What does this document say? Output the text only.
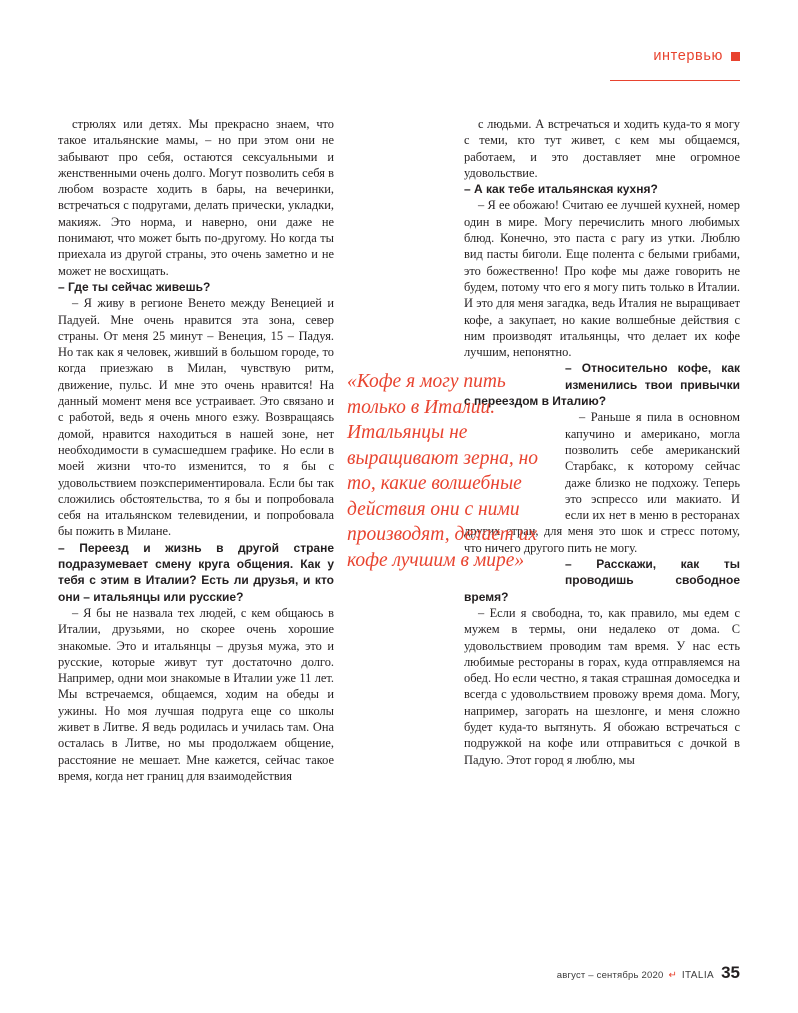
интервью

стрюлях или детях. Мы прекрасно знаем, что такое итальянские мамы, – но при этом они не забывают про себя, остаются сексуальными и женственными очень долго. Могут позволить себя в любом возрасте ходить в бары, на вечеринки, встречаться с подругами, делать прически, укладки, макияж. Это норма, и наверно, они даже не понимают, что может быть по-другому. Но когда ты приехала из другой страны, это очень заметно и не может не восхищать.

– Где ты сейчас живешь?

– Я живу в регионе Венето между Венецией и Падуей. Мне очень нравится эта зона, север страны. От меня 25 минут – Венеция, 15 – Падуя. Но так как я человек, живший в большом городе, то когда приезжаю в Милан, чувствую ритм, движение, пульс. И мне это очень нравится! На данный момент меня все устраивает. Это связано и с работой, ведь я очень много езжу. Возвращаясь домой, нравится находиться в нашей зоне, нет необходимости в сумасшедшем графике. Но если в моей жизни что-то изменится, то я бы с удовольствием поэкспериментировала. Если бы так сложились обстоятельства, то я бы и попробовала себя на итальянском телевидении, и попробовала бы пожить в Милане.

– Переезд и жизнь в другой стране подразумевает смену круга общения. Как у тебя с этим в Италии? Есть ли друзья, и кто они – итальянцы или русские?

– Я бы не назвала тех людей, с кем общаюсь в Италии, друзьями, но скорее очень хорошие знакомые. Это и итальянцы – друзья мужа, это и русские, которые живут тут достаточно долго. Например, одни мои знакомые в Италии уже 11 лет. Мы встречаемся, общаемся, ходим на обеды и ужины. Но моя лучшая подруга еще со школы живет в Литве. Я ведь родилась и училась там. Она осталась в Литве, но мы продолжаем общение, расстояние не мешает. Мне кажется, сейчас такое время, когда нет границ для взаимодействия

с людьми. А встречаться и ходить куда-то я могу с теми, кто тут живет, с кем мы общаемся, работаем, и это доставляет мне огромное удовольствие.

– А как тебе итальянская кухня?

– Я ее обожаю! Считаю ее лучшей кухней, номер один в мире. Могу перечислить много любимых блюд. Конечно, это паста с рагу из утки. Люблю вид пасты биголи. Еще полента с белыми грибами, это божественно! Про кофе мы даже говорить не будем, потому что его я могу пить только в Италии. И это для меня загадка, ведь Италия не выращивает кофе, а закупает, но какие волшебные действия с ним производят итальянцы, что делает их кофе лучшим, непонятно.

– Относительно кофе, как изменились твои привычки с переездом в Италию?

– Раньше я пила в основном капучино и американо, могла позволить себе американский Старбакс, к которому сейчас даже близко не подхожу. Теперь это эспрессо или макиато. И если их нет в меню в ресторанах других стран, для меня это шок и стресс потому, что ничего другого пить не могу.

– Расскажи, как ты проводишь свободное время?

– Если я свободна, то, как правило, мы едем с мужем в термы, они недалеко от дома. С удовольствием проводим там время. У нас есть любимые рестораны в горах, куда отправляемся на обед. Но если честно, я такая страшная домоседка и всегда с удовольствием провожу время дома. Могу, например, загорать на шезлонге, и меня сложно будет куда-то вытянуть. Я обожаю встречаться с подружкой на кофе или отправиться с дочкой в Падую. Этот город я люблю, мы

«Кофе я могу пить только в Италии. Итальянцы не выращивают зерна, но то, какие волшебные действия они с ними производят, делает их кофе лучшим в мире»
август – сентябрь 2020 ↵ ITALIA 35
